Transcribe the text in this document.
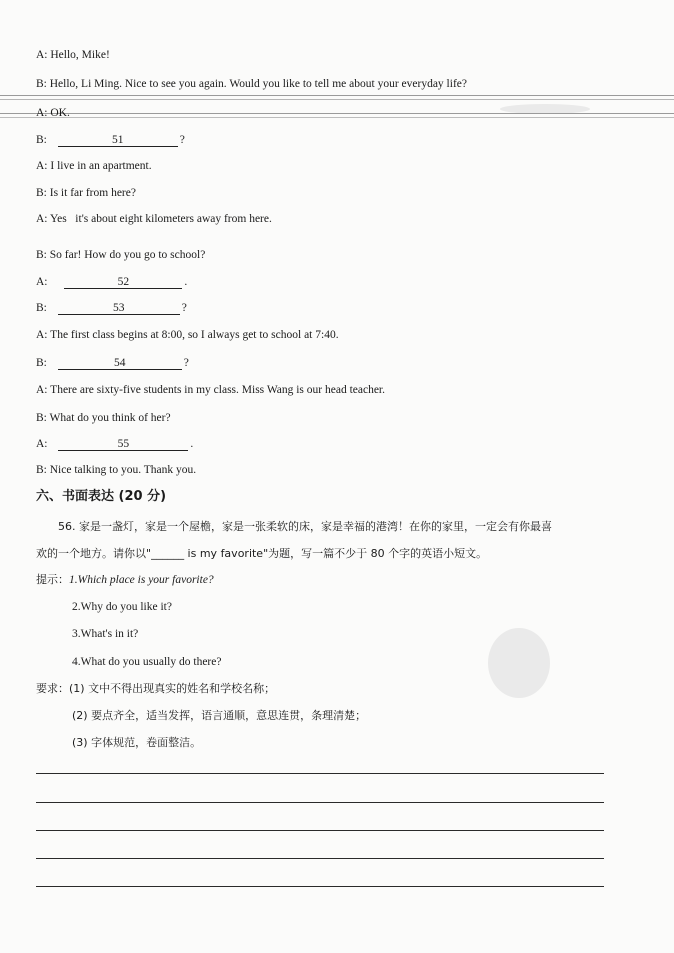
A: Hello, Mike!
B: Hello, Li Ming. Nice to see you again. Would you like to tell me about your everyday life?
A: OK.
B:	51	?
A: I live in an apartment.
B: Is it far from here?
A: Yes   it's about eight kilometers away from here.
B: So far! How do you go to school?
A:	52	.
B:	53	?
A: The first class begins at 8:00, so I always get to school at 7:40.
B:	54	?
A: There are sixty-five students in my class. Miss Wang is our head teacher.
B: What do you think of her?
A:	55	.
B: Nice talking to you. Thank you.
六、书面表达 (20 分)
56. 家是一盏灯，家是一个屋檐，家是一张柔软的床，家是幸福的港湾！在你的家里，一定会有你最喜
欢的一个地方。请你以"______ is my favorite"为题，写一篇不少于 80 个字的英语小短文。
提示：1.Which place is your favorite?
2.Why do you like it?
3.What's in it?
4.What do you usually do there?
要求：(1) 文中不得出现真实的姓名和学校名称；
(2) 要点齐全，适当发挥，语言通顺，意思连贯，条理清楚；
(3) 字体规范，卷面整洁。
